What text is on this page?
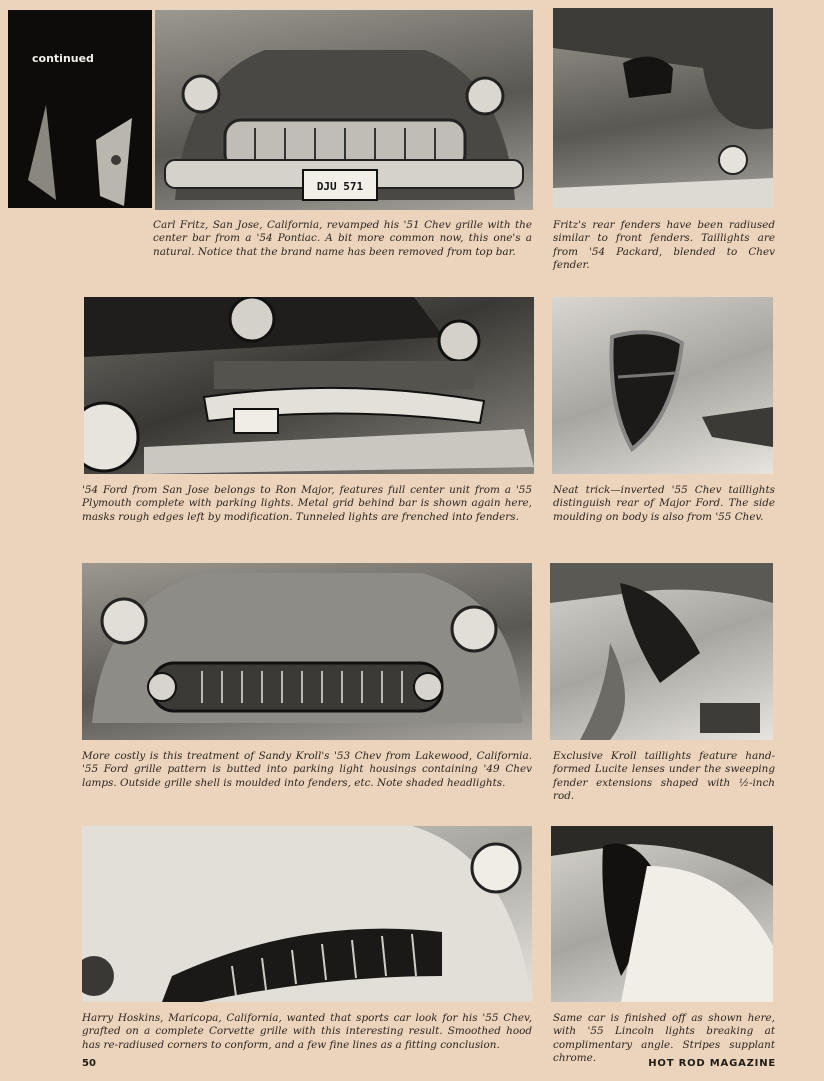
continued
DJU 571
Carl Fritz, San Jose, California, revamped his '51 Chev grille with the center bar from a '54 Pontiac. A bit more common now, this one's a natural. Notice that the brand name has been removed from top bar.
Fritz's rear fenders have been radiused similar to front fenders. Taillights are from '54 Packard, blended to Chev fender.
'54 Ford from San Jose belongs to Ron Major, features full center unit from a '55 Plymouth complete with parking lights. Metal grid behind bar is shown again here, masks rough edges left by modification. Tunneled lights are frenched into fenders.
Neat trick—inverted '55 Chev taillights distinguish rear of Major Ford. The side moulding on body is also from '55 Chev.
More costly is this treatment of Sandy Kroll's '53 Chev from Lakewood, California. '55 Ford grille pattern is butted into parking light housings containing '49 Chev lamps. Outside grille shell is moulded into fenders, etc. Note shaded headlights.
Exclusive Kroll taillights feature hand-formed Lucite lenses under the sweeping fender extensions shaped with ½-inch rod.
Harry Hoskins, Maricopa, California, wanted that sports car look for his '55 Chev, grafted on a complete Corvette grille with this interesting result. Smoothed hood has re-radiused corners to conform, and a few fine lines as a fitting conclusion.
Same car is finished off as shown here, with '55 Lincoln lights breaking at complimentary angle. Stripes supplant chrome.
50	HOT ROD MAGAZINE
